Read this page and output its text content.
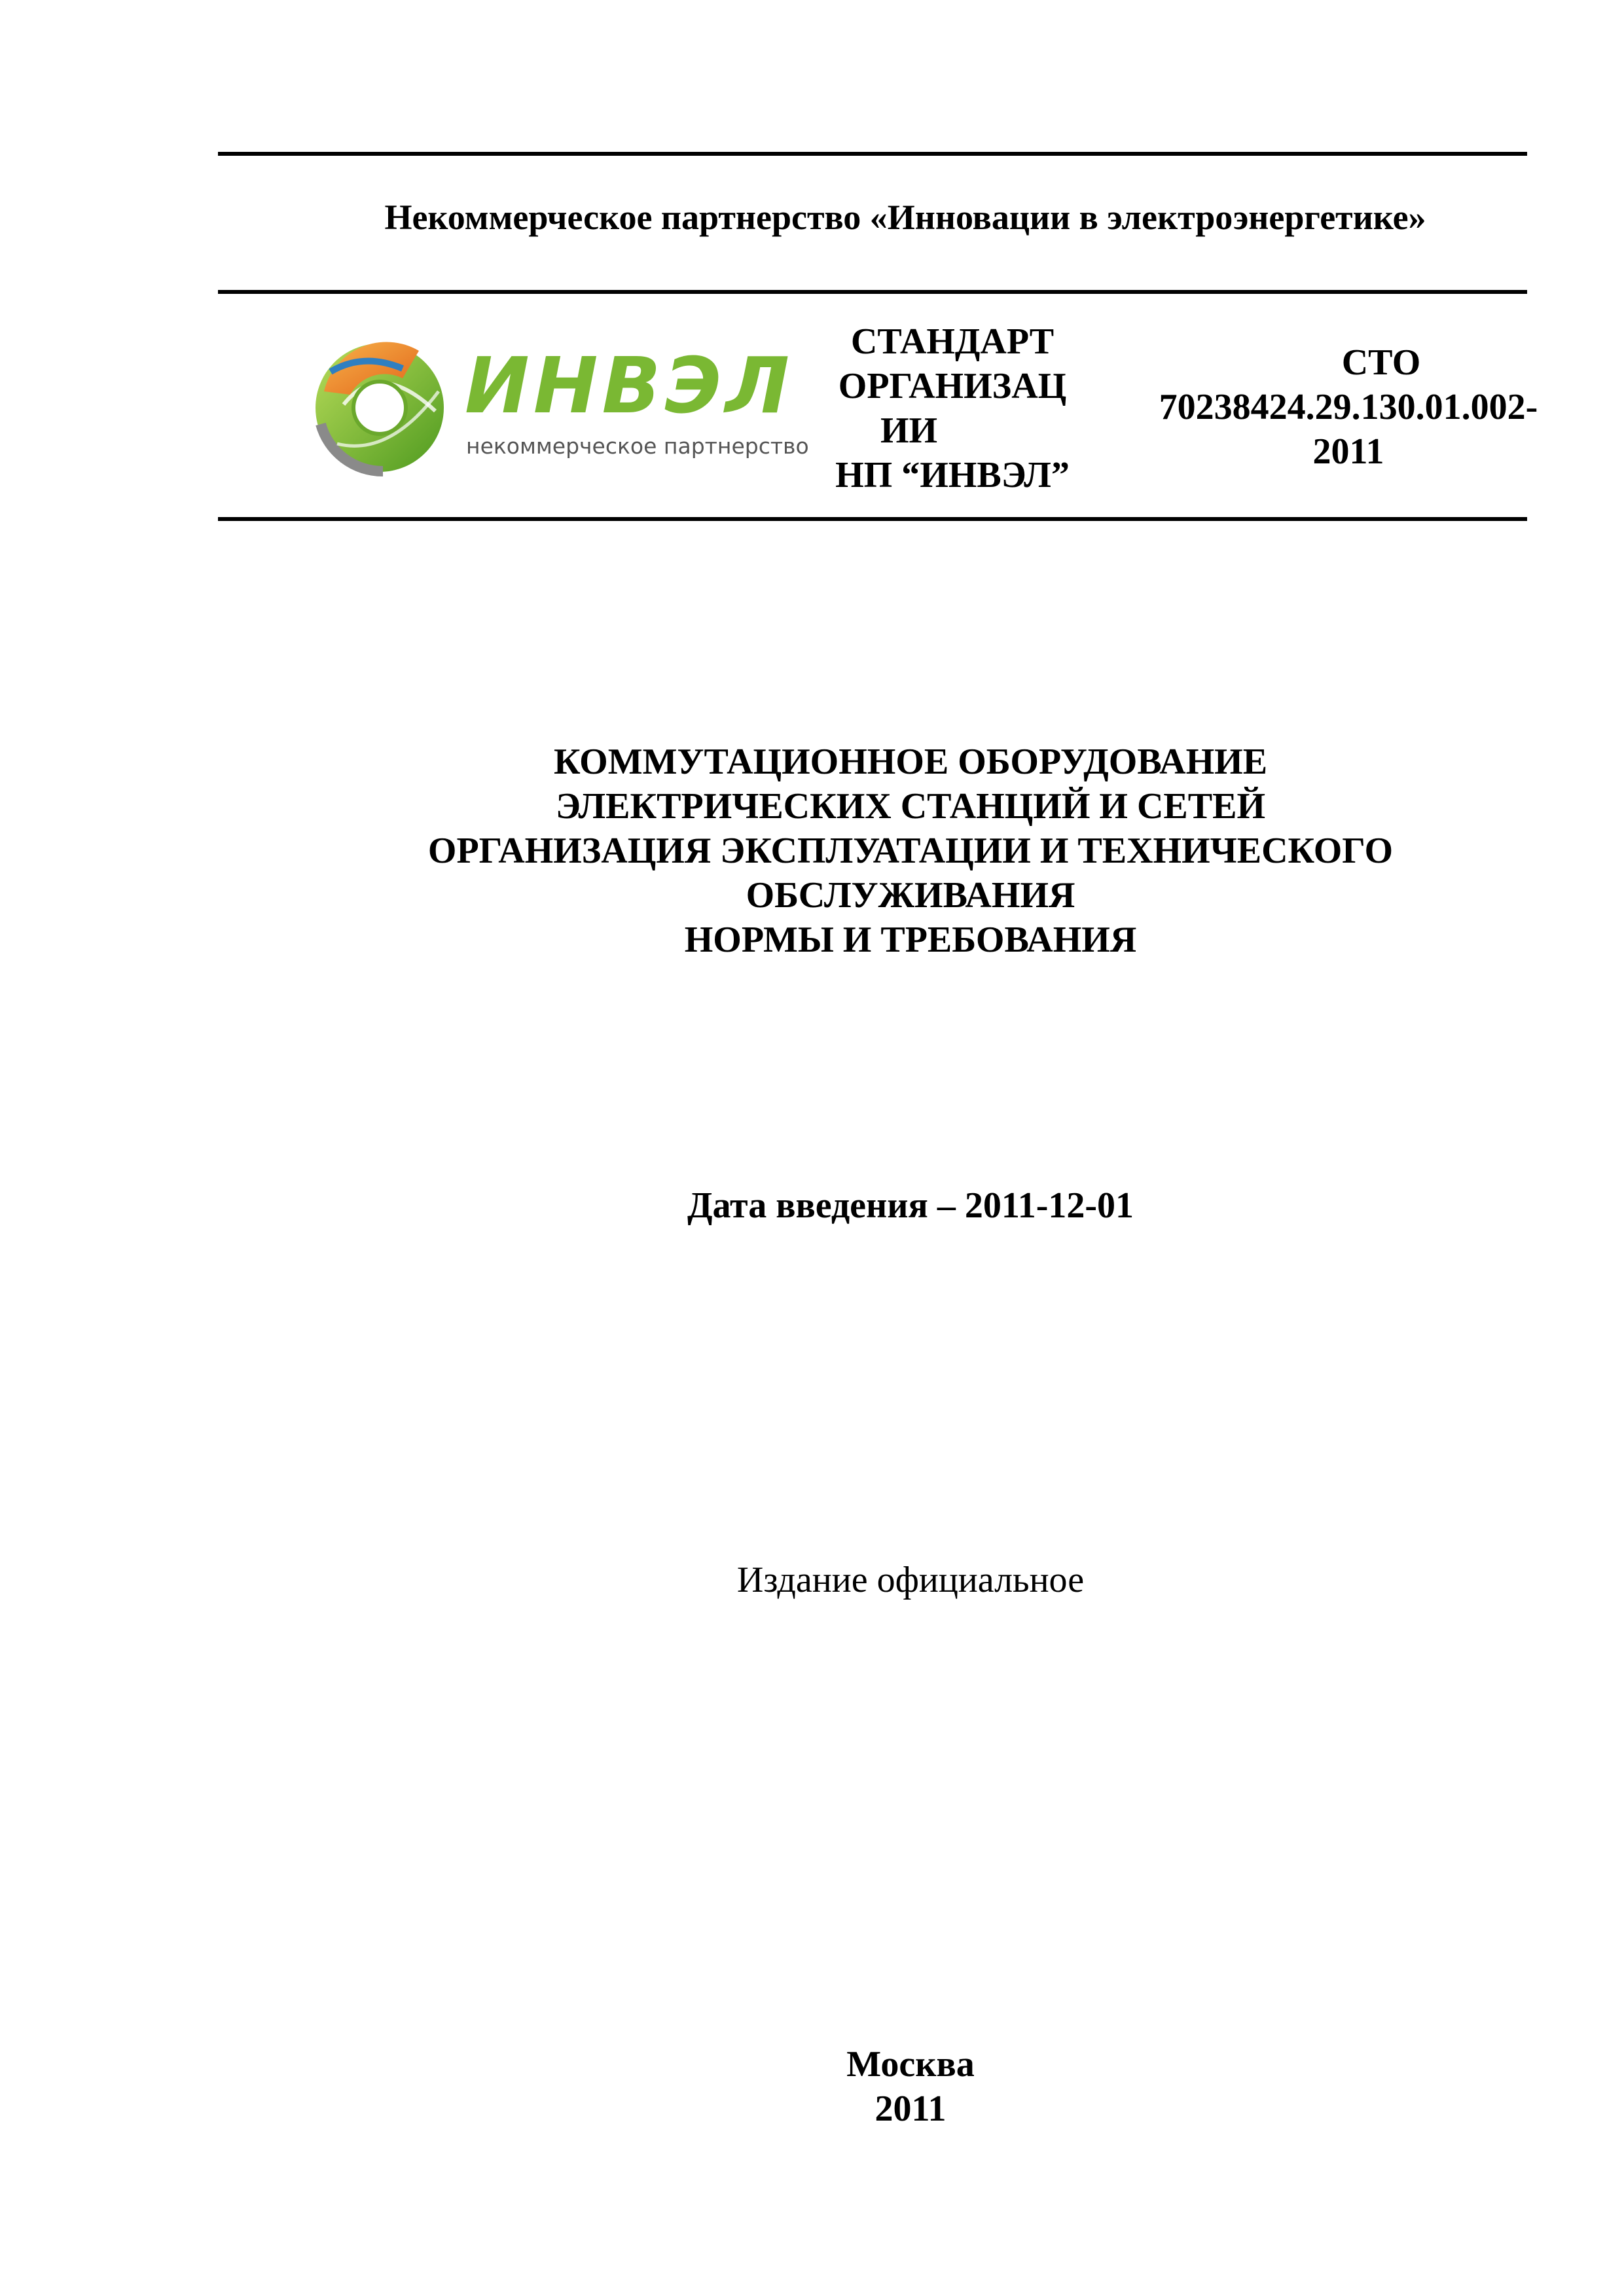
Некоммерческое партнерство «Инновации в электроэнергетике»
ИНВЭЛ
некоммерческое партнерство
СТАНДАРТ
ОРГАНИЗАЦ
ИИ
НП “ИНВЭЛ”
СТО
70238424.29.130.01.002-
2011
КОММУТАЦИОННОЕ ОБОРУДОВАНИЕ
ЭЛЕКТРИЧЕСКИХ СТАНЦИЙ И СЕТЕЙ
ОРГАНИЗАЦИЯ ЭКСПЛУАТАЦИИ И ТЕХНИЧЕСКОГО
ОБСЛУЖИВАНИЯ
НОРМЫ И ТРЕБОВАНИЯ
Дата введения – 2011-12-01
Издание официальное
Москва
2011
